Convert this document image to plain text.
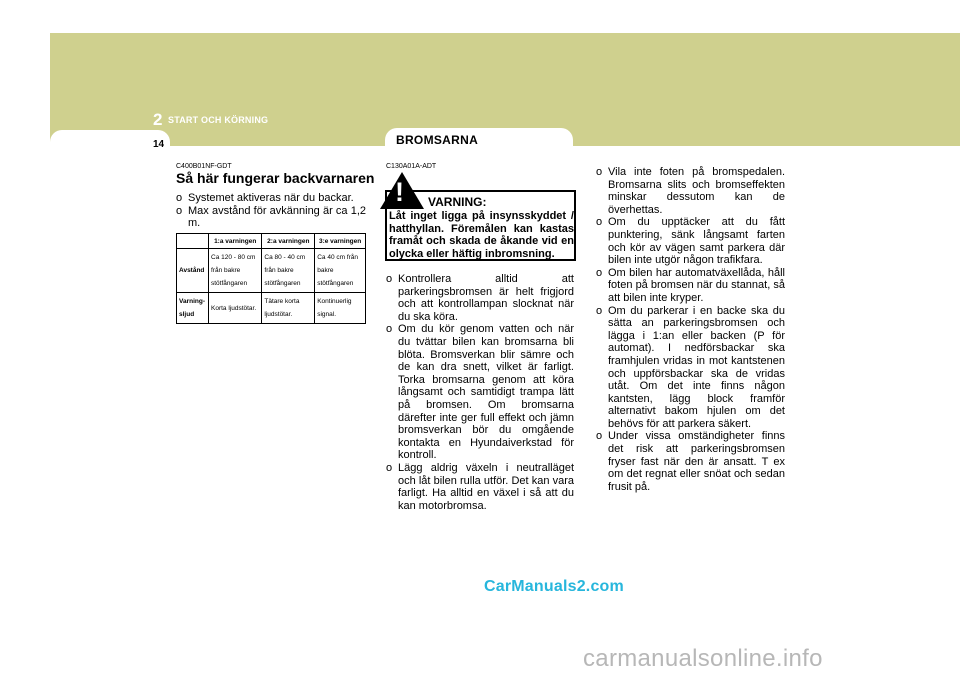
2 START OCH KÖRNING
14	BROMSARNA
C400B01NF-GDT
Så här fungerar backvarnaren
o Systemet aktiveras när du backar.
o Max avstånd för avkänning är ca 1,2 m.
	1:a varningen	2:a varningen	3:e varningen
Avstånd	Ca 120 - 80 cm från bakre stötfångaren	Ca 80 - 40 cm från bakre stötfångaren	Ca 40 cm från bakre stötfångaren
Varning-sljud	Korta ljudstötar.	Tätare korta ljudstötar.	Kontinuerlig signal.
C130A01A-ADT
! VARNING:
Låt inget ligga på insynsskyddet / hatthyllan. Föremålen kan kastas framåt och skada de åkande vid en olycka eller häftig inbromsning.
o Kontrollera alltid att parkeringsbromsen är helt frigjord och att kontrollampan slocknat när du ska köra.
o Om du kör genom vatten och när du tvättar bilen kan bromsarna bli blöta. Bromsverkan blir sämre och de kan dra snett, vilket är farligt. Torka bromsarna genom att köra långsamt och samtidigt trampa lätt på bromsen. Om bromsarna därefter inte ger full effekt och jämn bromsverkan bör du omgående kontakta en Hyundaiverkstad för kontroll.
o Lägg aldrig växeln i neutralläget och låt bilen rulla utför. Det kan vara farligt. Ha alltid en växel i så att du kan motorbromsa.
o Vila inte foten på bromspedalen. Bromsarna slits och bromseffekten minskar dessutom kan de överhettas.
o Om du upptäcker att du fått punktering, sänk långsamt farten och kör av vägen samt parkera där bilen inte utgör någon trafikfara.
o Om bilen har automatväxellåda, håll foten på bromsen när du stannat, så att bilen inte kryper.
o Om du parkerar i en backe ska du sätta an parkeringsbromsen och lägga i 1:an eller backen (P för automat). I nedförsbackar ska framhjulen vridas in mot kantstenen och uppförsbackar ska de vridas utåt. Om det inte finns någon kantsten, lägg block framför alternativt bakom hjulen om det behövs för att parkera säkert.
o Under vissa omständigheter finns det risk att parkeringsbromsen fryser fast när den är ansatt. T ex om det regnat eller snöat och sedan frusit på.
CarManuals2.com
carmanualsonline.info
